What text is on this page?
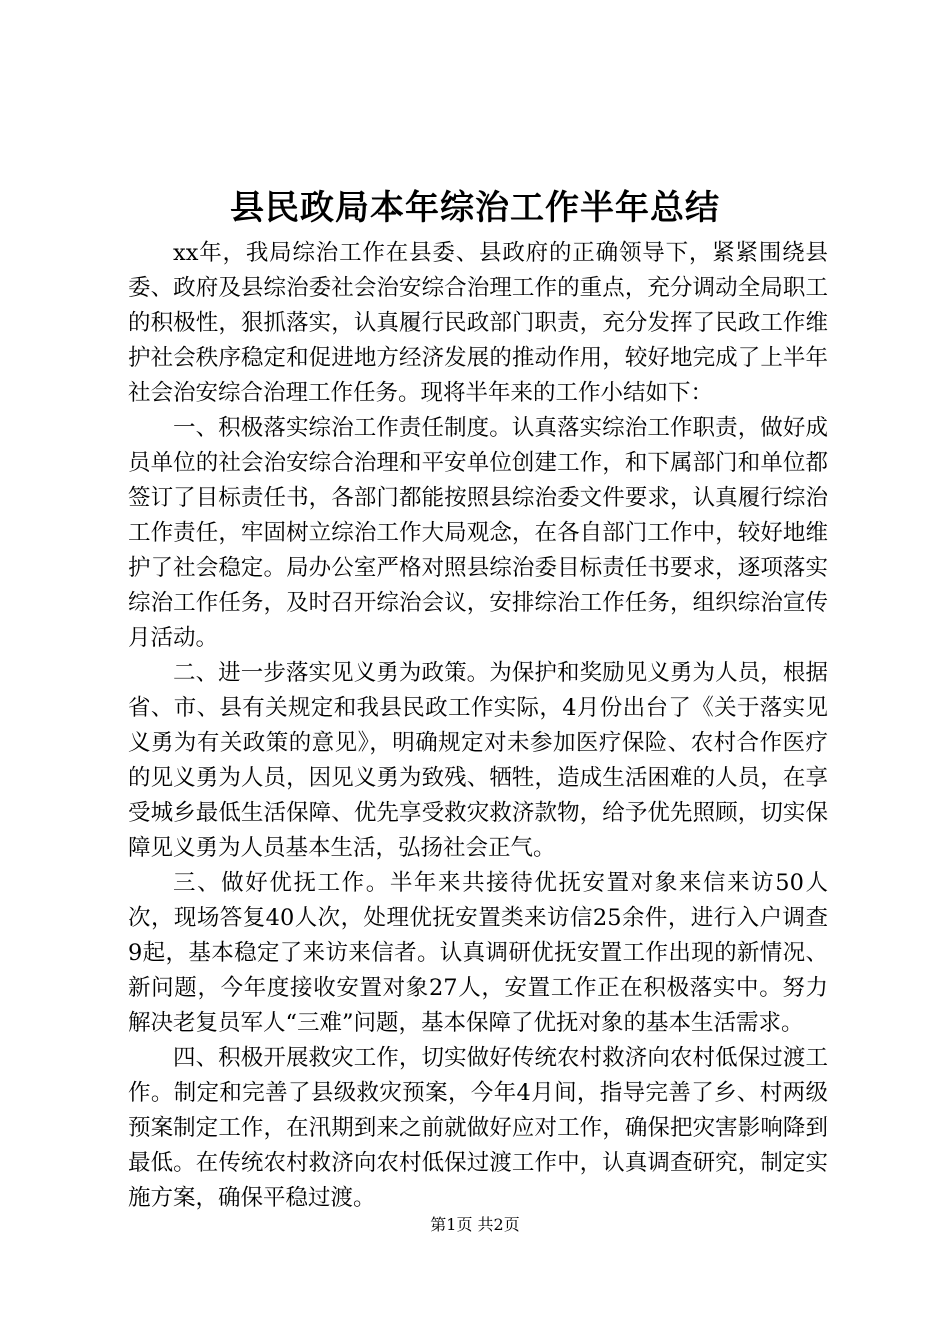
县民政局本年综治工作半年总结

xx年，我局综治工作在县委、县政府的正确领导下，紧紧围绕县委、政府及县综治委社会治安综合治理工作的重点，充分调动全局职工的积极性，狠抓落实，认真履行民政部门职责，充分发挥了民政工作维护社会秩序稳定和促进地方经济发展的推动作用，较好地完成了上半年社会治安综合治理工作任务。现将半年来的工作小结如下：

一、积极落实综治工作责任制度。认真落实综治工作职责，做好成员单位的社会治安综合治理和平安单位创建工作，和下属部门和单位都签订了目标责任书，各部门都能按照县综治委文件要求，认真履行综治工作责任，牢固树立综治工作大局观念，在各自部门工作中，较好地维护了社会稳定。局办公室严格对照县综治委目标责任书要求，逐项落实综治工作任务，及时召开综治会议，安排综治工作任务，组织综治宣传月活动。

二、进一步落实见义勇为政策。为保护和奖励见义勇为人员，根据省、市、县有关规定和我县民政工作实际，4月份出台了《关于落实见义勇为有关政策的意见》，明确规定对未参加医疗保险、农村合作医疗的见义勇为人员，因见义勇为致残、牺牲，造成生活困难的人员，在享受城乡最低生活保障、优先享受救灾救济款物，给予优先照顾，切实保障见义勇为人员基本生活，弘扬社会正气。

三、做好优抚工作。半年来共接待优抚安置对象来信来访50人次，现场答复40人次，处理优抚安置类来访信25余件，进行入户调查9起，基本稳定了来访来信者。认真调研优抚安置工作出现的新情况、新问题，今年度接收安置对象27人，安置工作正在积极落实中。努力解决老复员军人“三难”问题，基本保障了优抚对象的基本生活需求。

四、积极开展救灾工作，切实做好传统农村救济向农村低保过渡工作。制定和完善了县级救灾预案，今年4月间，指导完善了乡、村两级预案制定工作，在汛期到来之前就做好应对工作，确保把灾害影响降到最低。在传统农村救济向农村低保过渡工作中，认真调查研究，制定实施方案，确保平稳过渡。

第1页 共2页
